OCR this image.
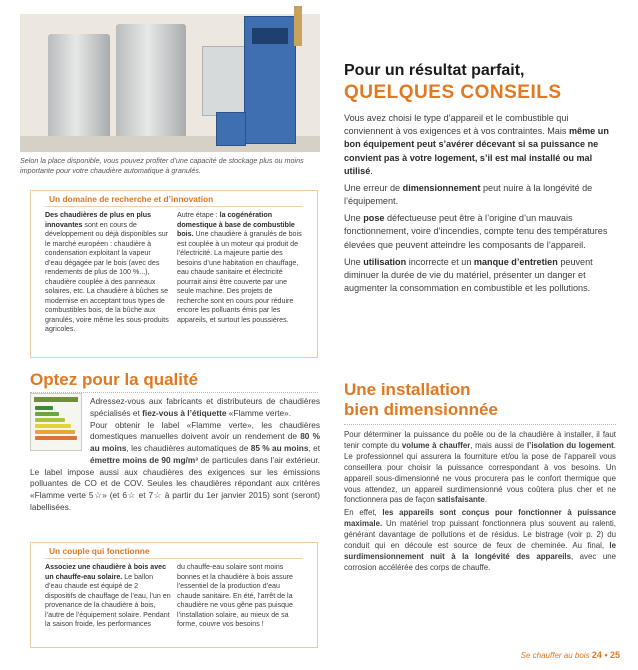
Selon la place disponible, vous pouvez profiter d’une capacité de stockage plus ou moins importante pour votre chaudière automatique à granulés.
Un domaine de recherche et d’innovation
Des chaudières de plus en plus innovantes sont en cours de développement ou déjà disponibles sur le marché européen : chaudière à condensation exploitant la vapeur d’eau dégagée par le bois (avec des rendements de plus de 100 %...), chaudière couplée à des panneaux solaires, etc. La chaudière à bûches se modernise en acceptant tous types de combustibles bois, de la bûche aux granulés, voire même les sous-produits agricoles.
Autre étape : la cogénération domestique à base de combustible bois. Une chaudière à granulés de bois est couplée à un moteur qui produit de l’électricité. La majeure partie des besoins d’une habitation en chauffage, eau chaude sanitaire et électricité pourrait ainsi être couverte par une seule machine. Des projets de recherche sont en cours pour réduire encore les polluants émis par les appareils, et surtout les poussières.
Optez pour la qualité

Adressez-vous aux fabricants et distributeurs de chaudières spécialisés et fiez-vous à l’étiquette «Flamme verte».

Pour obtenir le label «Flamme verte», les chaudières domestiques manuelles doivent avoir un rendement de 80 % au moins, les chaudières automatiques de 85 % au moins, et émettre moins de 90 mg/m³ de particules dans l’air extérieur. Le label impose aussi aux chaudières des exigences sur les émissions polluantes de CO et de COV. Seules les chaudières répondant aux critères «Flamme verte 5☆» (et 6☆ et 7☆ à partir du 1er janvier 2015) sont (seront) labellisées.

Un couple qui fonctionne
Associez une chaudière à bois avec un chauffe-eau solaire. Le ballon d’eau chaude est équipé de 2 dispositifs de chauffage de l’eau, l’un en provenance de la chaudière à bois, l’autre de l’équipement solaire. Pendant la saison froide, les performances
du chauffe-eau solaire sont moins bonnes et la chaudière à bois assure l’essentiel de la production d’eau chaude sanitaire. En été, l’arrêt de la chaudière ne vous gêne pas puisque l’installation solaire, au mieux de sa forme, couvre vos besoins !
Pour un résultat parfait,
QUELQUES CONSEILS

Vous avez choisi le type d’appareil et le combustible qui conviennent à vos exigences et à vos contraintes. Mais même un bon équipement peut s’avérer décevant si sa puissance ne convient pas à votre logement, s’il est mal installé ou mal utilisé.

Une erreur de dimensionnement peut nuire à la longévité de l’équipement.

Une pose défectueuse peut être à l’origine d’un mauvais fonctionnement, voire d’incendies, compte tenu des températures élevées que peuvent atteindre les composants de l’appareil.

Une utilisation incorrecte et un manque d’entretien peuvent diminuer la durée de vie du matériel, présenter un danger et augmenter la consommation en combustible et les pollutions.

Une installation
bien dimensionnée

Pour déterminer la puissance du poêle ou de la chaudière à installer, il faut tenir compte du volume à chauffer, mais aussi de l’isolation du logement. Le professionnel qui assurera la fourniture et/ou la pose de l’appareil vous conseillera pour choisir la puissance correspondant à vos besoins. Un appareil sous-dimensionné ne vous procurera pas le confort thermique que vous attendez, un appareil surdimensionné vous coûtera plus cher et ne fonctionnera pas de façon satisfaisante.

En effet, les appareils sont conçus pour fonctionner à puissance maximale. Un matériel trop puissant fonctionnera plus souvent au ralenti, générant davantage de pollutions et de résidus. Le bistrage (voir p. 2) du conduit qui en découle est source de feux de cheminée. Au final, le surdimensionnement nuit à la longévité des appareils, avec une corrosion accélérée des corps de chauffe.

Se chauffer au bois 24 • 25
